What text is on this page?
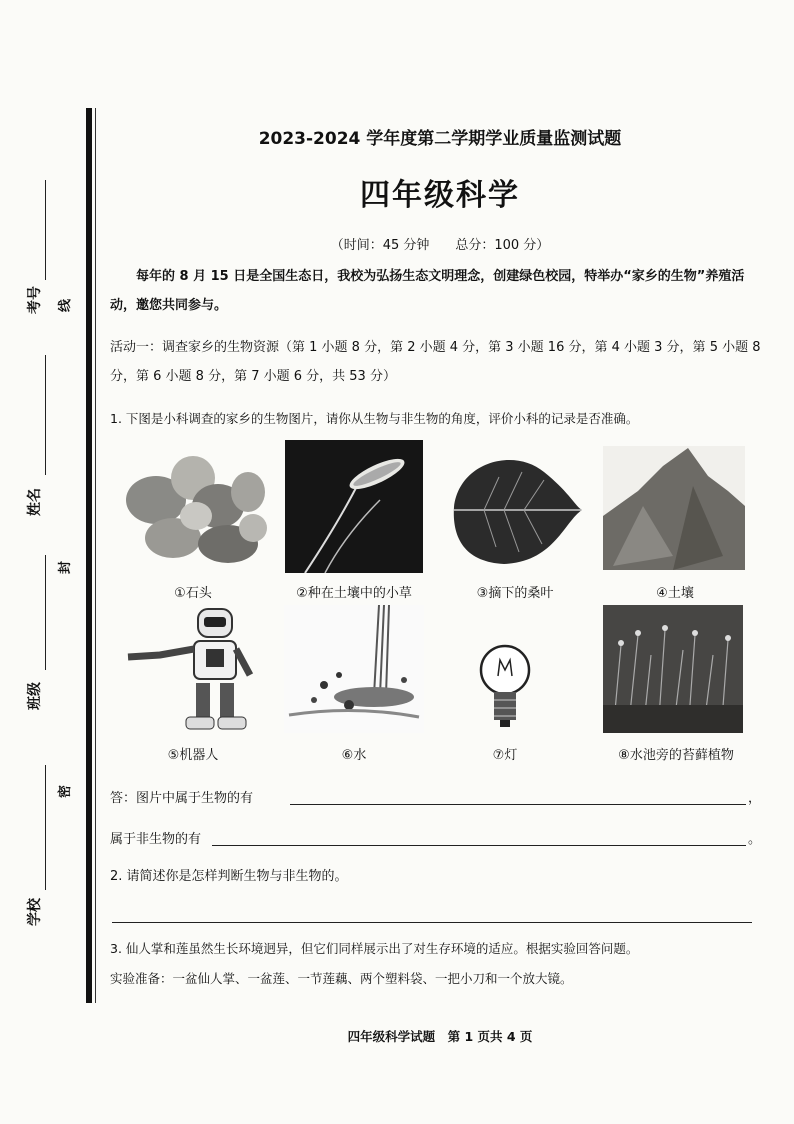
考号	线
姓名
封
班级
密
学校
2023-2024 学年度第二学期学业质量监测试题
四年级科学
（时间：45 分钟　　总分：100 分）
每年的 8 月 15 日是全国生态日，我校为弘扬生态文明理念，创建绿色校园，特举办“家乡的生物”养殖活动，邀您共同参与。
活动一：调查家乡的生物资源（第 1 小题 8 分，第 2 小题 4 分，第 3 小题 16 分，第 4 小题 3 分，第 5 小题 8 分，第 6 小题 8 分，第 7 小题 6 分，共 53 分）
1. 下图是小科调查的家乡的生物图片，请你从生物与非生物的角度，评价小科的记录是否准确。
①石头	②种在土壤中的小草	③摘下的桑叶	④土壤
⑤机器人	⑥水	⑦灯	⑧水池旁的苔藓植物
答：图片中属于生物的有	，
属于非生物的有	。
2. 请简述你是怎样判断生物与非生物的。
3. 仙人掌和莲虽然生长环境迥异，但它们同样展示出了对生存环境的适应。根据实验回答问题。
实验准备：一盆仙人掌、一盆莲、一节莲藕、两个塑料袋、一把小刀和一个放大镜。
四年级科学试题　第 1 页共 4 页
